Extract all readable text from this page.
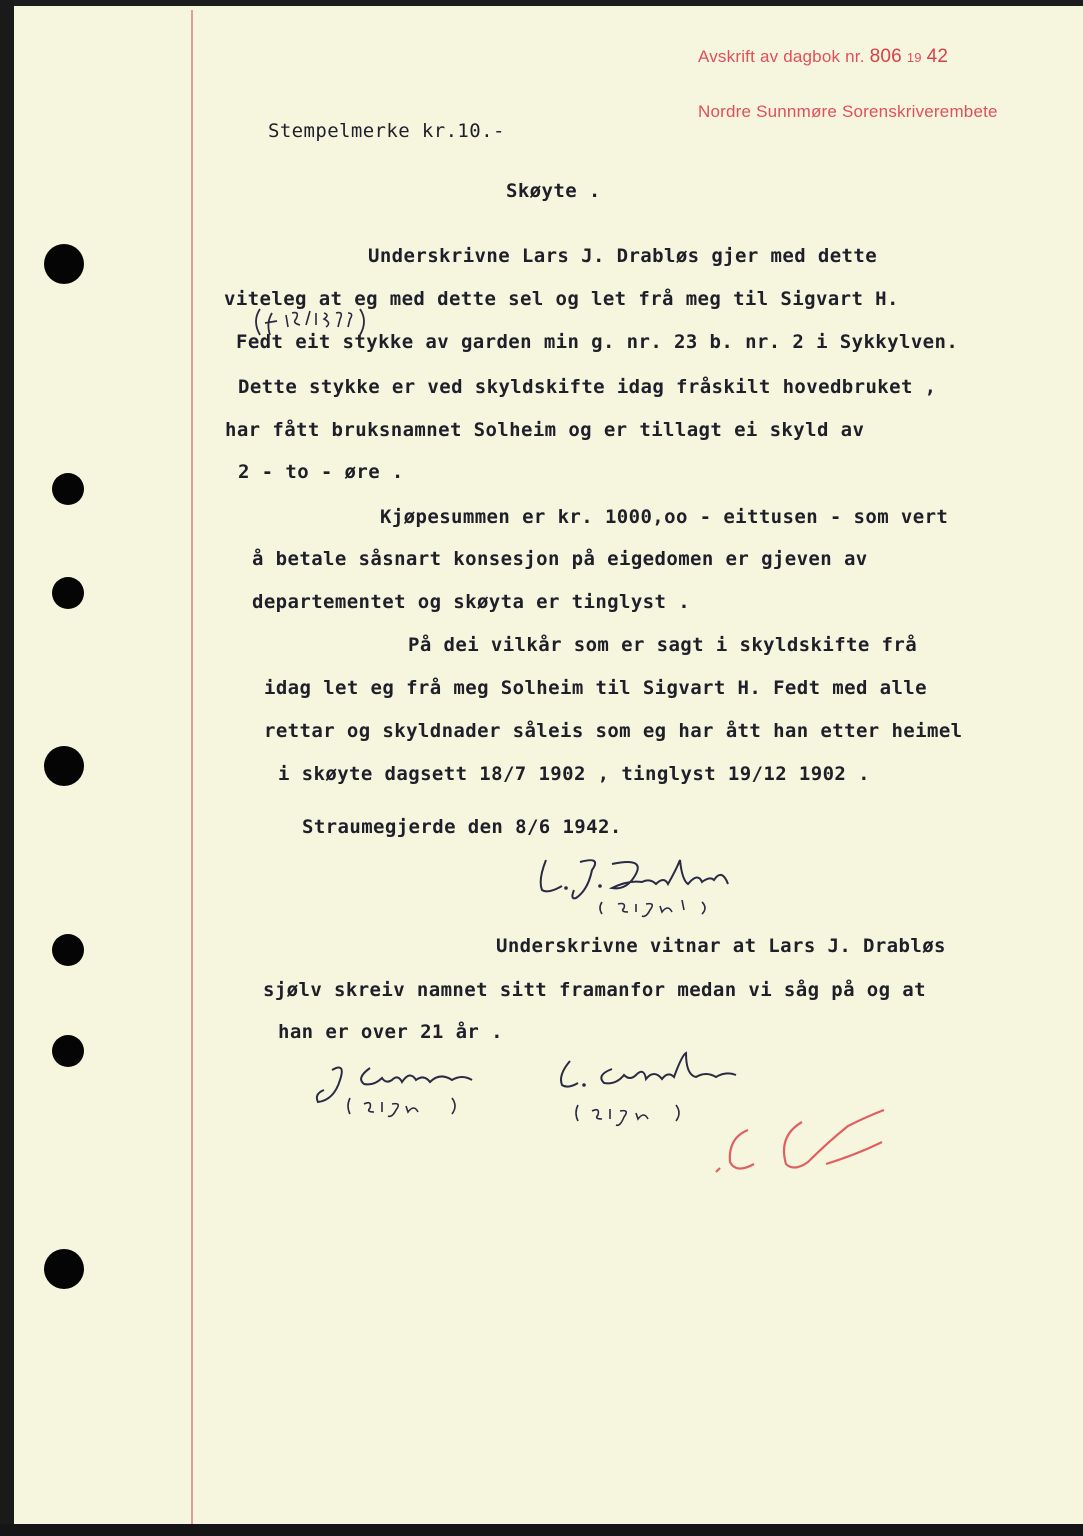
Avskrift av dagbok nr. 806 19 42
Nordre Sunnmøre Sorenskriverembete
Stempelmerke kr.10.-
Skøyte .
Underskrivne Lars J. Drabløs gjer med dette
viteleg at eg med dette sel og let frå meg til Sigvart H.
Fedt eit stykke av garden min g. nr. 23 b. nr. 2 i Sykkylven.
Dette stykke er ved skyldskifte idag fråskilt hovedbruket ,
har fått bruksnamnet Solheim og er tillagt ei skyld av
2 - to - øre .
Kjøpesummen er kr. 1000,oo - eittusen - som vert
å betale såsnart konsesjon på eigedomen er gjeven av
departementet og skøyta er tinglyst .
På dei vilkår som er sagt i skyldskifte frå
idag let eg frå meg Solheim til Sigvart H. Fedt med alle
rettar og skyldnader såleis som eg har ått han etter heimel
i skøyte dagsett 18/7 1902 , tinglyst 19/12 1902 .
Straumegjerde den 8/6 1942.
Underskrivne vitnar at Lars J. Drabløs
sjølv skreiv namnet sitt framanfor medan vi såg på og at
han er over 21 år .
